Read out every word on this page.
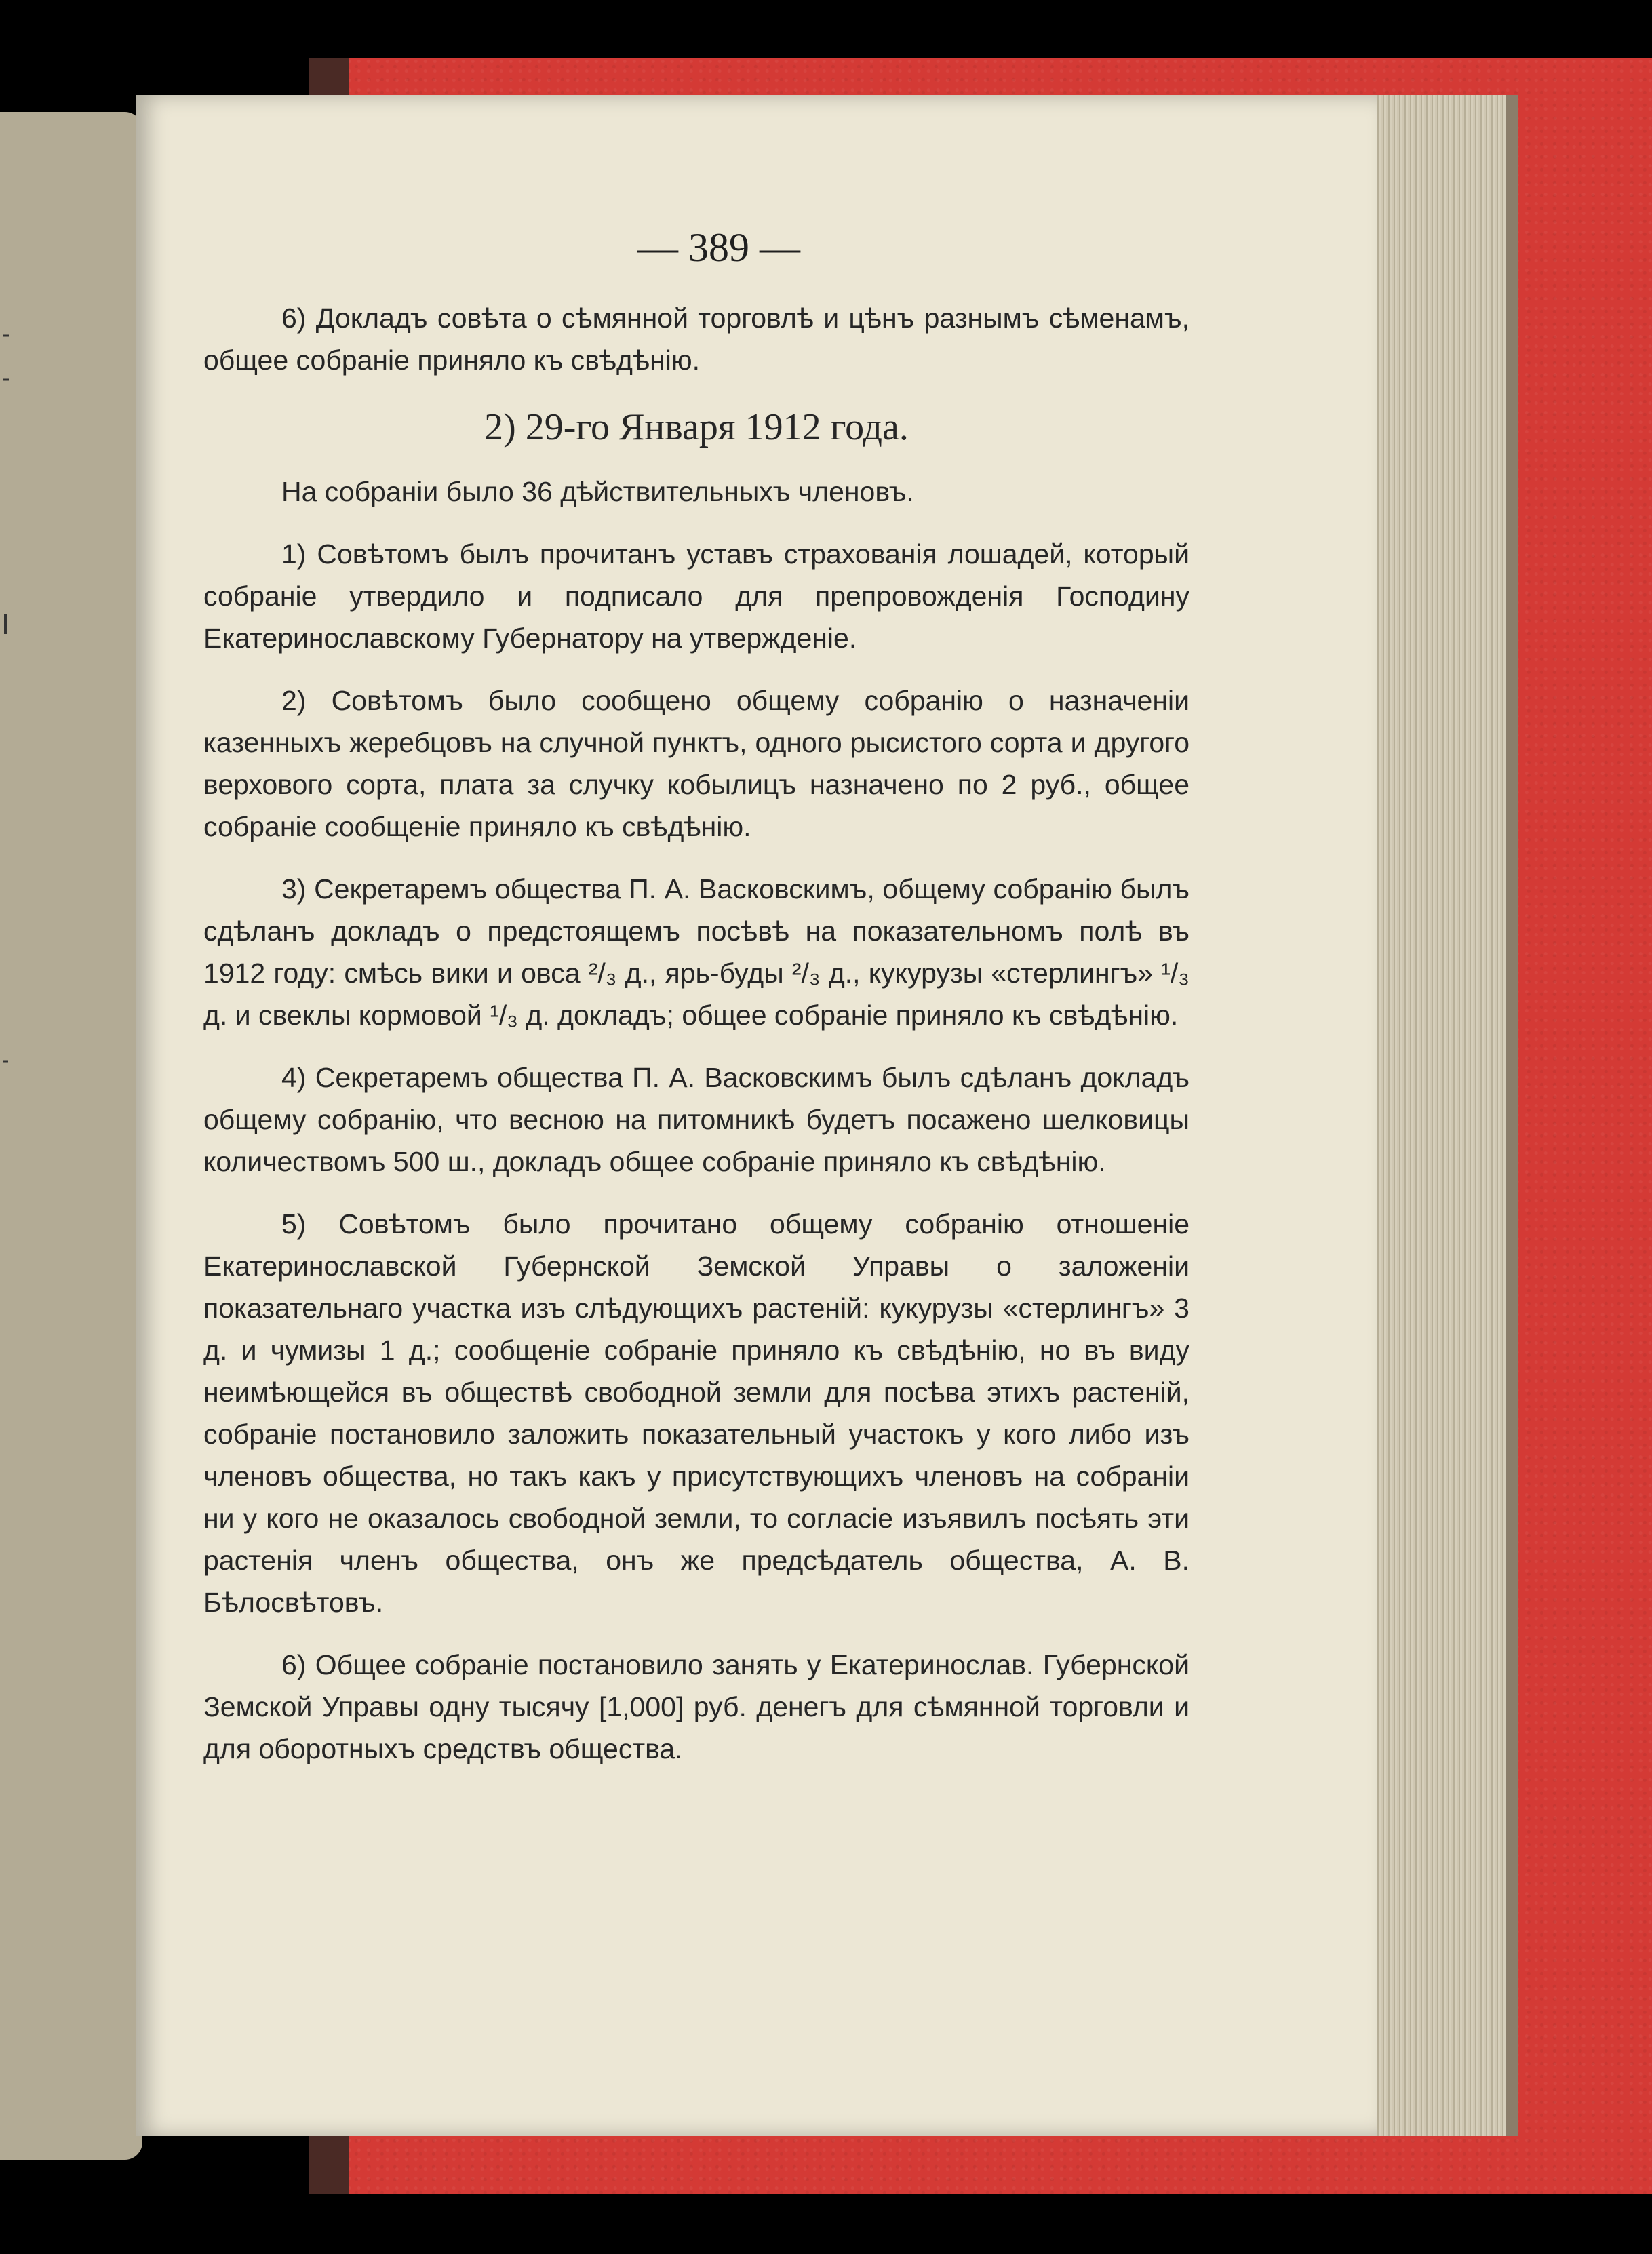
— 389 —

6) Докладъ совѣта о сѣмянной торговлѣ и цѣнъ разнымъ сѣменамъ, общее собраніе приняло къ свѣдѣнію.

2) 29-го Января 1912 года.

На собраніи было 36 дѣйствительныхъ членовъ.

1) Совѣтомъ былъ прочитанъ уставъ страхованія лошадей, который собраніе утвердило и подписало для препровожденія Господину Екатеринославскому Губернатору на утвержденіе.

2) Совѣтомъ было сообщено общему собранію о назначеніи казенныхъ жеребцовъ на случной пунктъ, одного рысистого сорта и другого верхового сорта, плата за случку кобылицъ назначено по 2 руб., общее собраніе сообщеніе приняло къ свѣдѣнію.

3) Секретаремъ общества П. А. Васковскимъ, общему собранію былъ сдѣланъ докладъ о предстоящемъ посѣвѣ на показательномъ полѣ въ 1912 году: смѣсь вики и овса ²/₃ д., ярь-буды ²/₃ д., кукурузы «стерлингъ» ¹/₃ д. и свеклы кормовой ¹/₃ д. докладъ; общее собраніе приняло къ свѣдѣнію.

4) Секретаремъ общества П. А. Васковскимъ былъ сдѣланъ докладъ общему собранію, что весною на питомникѣ будетъ посажено шелковицы количествомъ 500 ш., докладъ общее собраніе приняло къ свѣдѣнію.

5) Совѣтомъ было прочитано общему собранію отношеніе Екатеринославской Губернской Земской Управы о заложеніи показательнаго участка изъ слѣдующихъ растеній: кукурузы «стерлингъ» 3 д. и чумизы 1 д.; сообщеніе собраніе приняло къ свѣдѣнію, но въ виду неимѣющейся въ обществѣ свободной земли для посѣва этихъ растеній, собраніе постановило заложить показательный участокъ у кого либо изъ членовъ общества, но такъ какъ у присутствующихъ членовъ на собраніи ни у кого не оказалось свободной земли, то согласіе изъявилъ посѣять эти растенія членъ общества, онъ же предсѣдатель общества, А. В. Бѣлосвѣтовъ.

6) Общее собраніе постановило занять у Екатеринослав. Губернской Земской Управы одну тысячу [1,000] руб. денегъ для сѣмянной торговли и для оборотныхъ средствъ общества.
